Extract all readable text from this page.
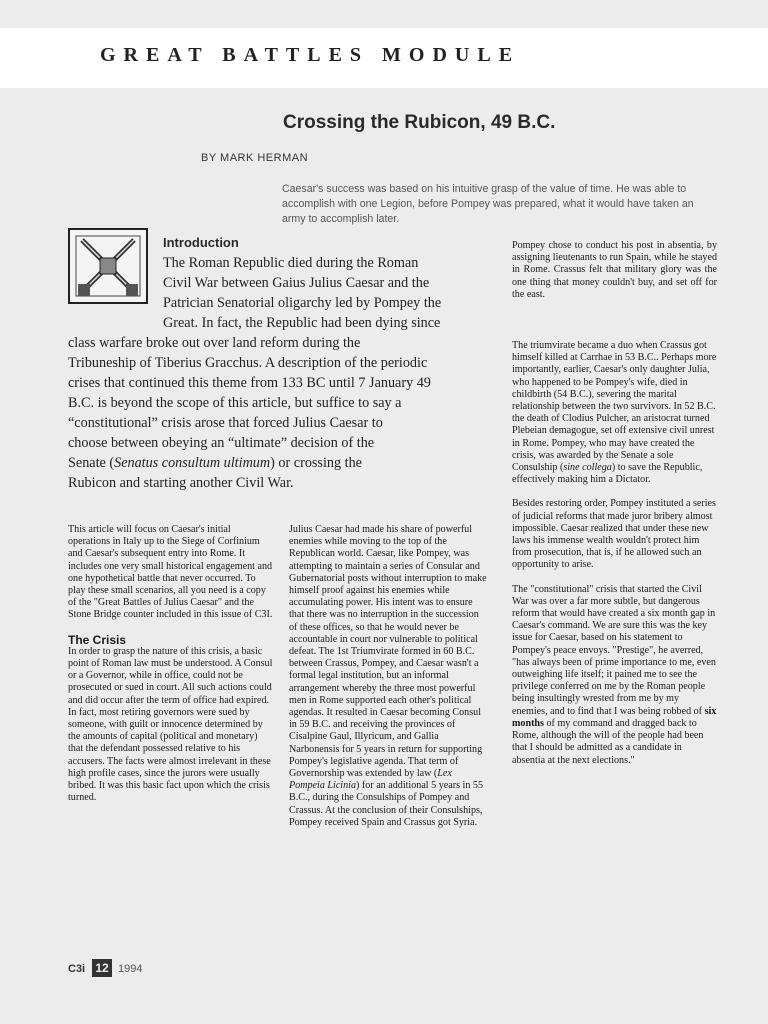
GREAT BATTLES MODULE
Crossing the Rubicon, 49 B.C.
BY MARK HERMAN
Caesar's success was based on his intuitive grasp of the value of time. He was able to accomplish with one Legion, before Pompey was prepared, what it would have taken an army to accomplish later.
Introduction
The Roman Republic died during the Roman
Civil War between Gaius Julius Caesar and the
Patrician Senatorial oligarchy led by Pompey the
Great. In fact, the Republic had been dying since
class warfare broke out over land reform during the
Tribuneship of Tiberius Gracchus. A description of the periodic
crises that continued this theme from 133 BC until 7 January 49
B.C. is beyond the scope of this article, but suffice to say a
“constitutional” crisis arose that forced Julius Caesar to
choose between obeying an “ultimate” decision of the
Senate (Senatus consultum ultimum) or crossing the
Rubicon and starting another Civil War.

This article will focus on Caesar's initial operations in Italy up to the Siege of Corfinium and Caesar's subsequent entry into Rome. It includes one very small historical engagement and one hypothetical battle that never occurred. To play these small scenarios, all you need is a copy of the "Great Battles of Julius Caesar" and the Stone Bridge counter included in this issue of C3I.

The Crisis

In order to grasp the nature of this crisis, a basic point of Roman law must be understood. A Consul or a Governor, while in office, could not be prosecuted or sued in court. All such actions could and did occur after the term of office had expired. In fact, most retiring governors were sued by someone, with guilt or innocence determined by the amounts of capital (political and monetary) that the defendant possessed relative to his accusers. The facts were almost irrelevant in these high profile cases, since the jurors were usually bribed. It was this basic fact upon which the crisis turned.

Julius Caesar had made his share of powerful enemies while moving to the top of the Republican world. Caesar, like Pompey, was attempting to maintain a series of Consular and Gubernatorial posts without interruption to make himself proof against his enemies while accumulating power. His intent was to ensure that there was no interruption in the succession of these offices, so that he would never be accountable in court nor vulnerable to political defeat. The 1st Triumvirate formed in 60 B.C. between Crassus, Pompey, and Caesar wasn't a formal legal institution, but an informal arrangement whereby the three most powerful men in Rome supported each other's political agendas. It resulted in Caesar becoming Consul in 59 B.C. and receiving the provinces of Cisalpine Gaul, Illyricum, and Gallia Narbonensis for 5 years in return for supporting Pompey's legislative agenda. That term of Governorship was extended by law (Lex Pompeia Licinia) for an additional 5 years in 55 B.C., during the Consulships of Pompey and Crassus. At the conclusion of their Consulships, Pompey received Spain and Crassus got Syria.

Pompey chose to conduct his post in absentia, by assigning lieutenants to run Spain, while he stayed in Rome. Crassus felt that military glory was the one thing that money couldn't buy, and set off for the east.

The triumvirate became a duo when Crassus got himself killed at Carrhae in 53 B.C.. Perhaps more importantly, earlier, Caesar's only daughter Julia, who happened to be Pompey's wife, died in childbirth (54 B.C.), severing the marital relationship between the two survivors. In 52 B.C. the death of Clodius Pulcher, an aristocrat turned Plebeian demagogue, set off extensive civil unrest in Rome. Pompey, who may have created the crisis, was awarded by the Senate a sole Consulship (sine collega) to save the Republic, effectively making him a Dictator.

Besides restoring order, Pompey instituted a series of judicial reforms that made juror bribery almost impossible. Caesar realized that under these new laws his immense wealth wouldn't protect him from prosecution, that is, if he allowed such an opportunity to arise.

The "constitutional" crisis that started the Civil War was over a far more subtle, but dangerous reform that would have created a six month gap in Caesar's command. We are sure this was the key issue for Caesar, based on his statement to Pompey's peace envoys. "Prestige", he averred, "has always been of prime importance to me, even outweighing life itself; it pained me to see the privilege conferred on me by the Roman people being insultingly wrested from me by my enemies, and to find that I was being robbed of six months of my command and dragged back to Rome, although the will of the people had been that I should be admitted as a candidate in absentia at the next elections."

C3i 12 1994
